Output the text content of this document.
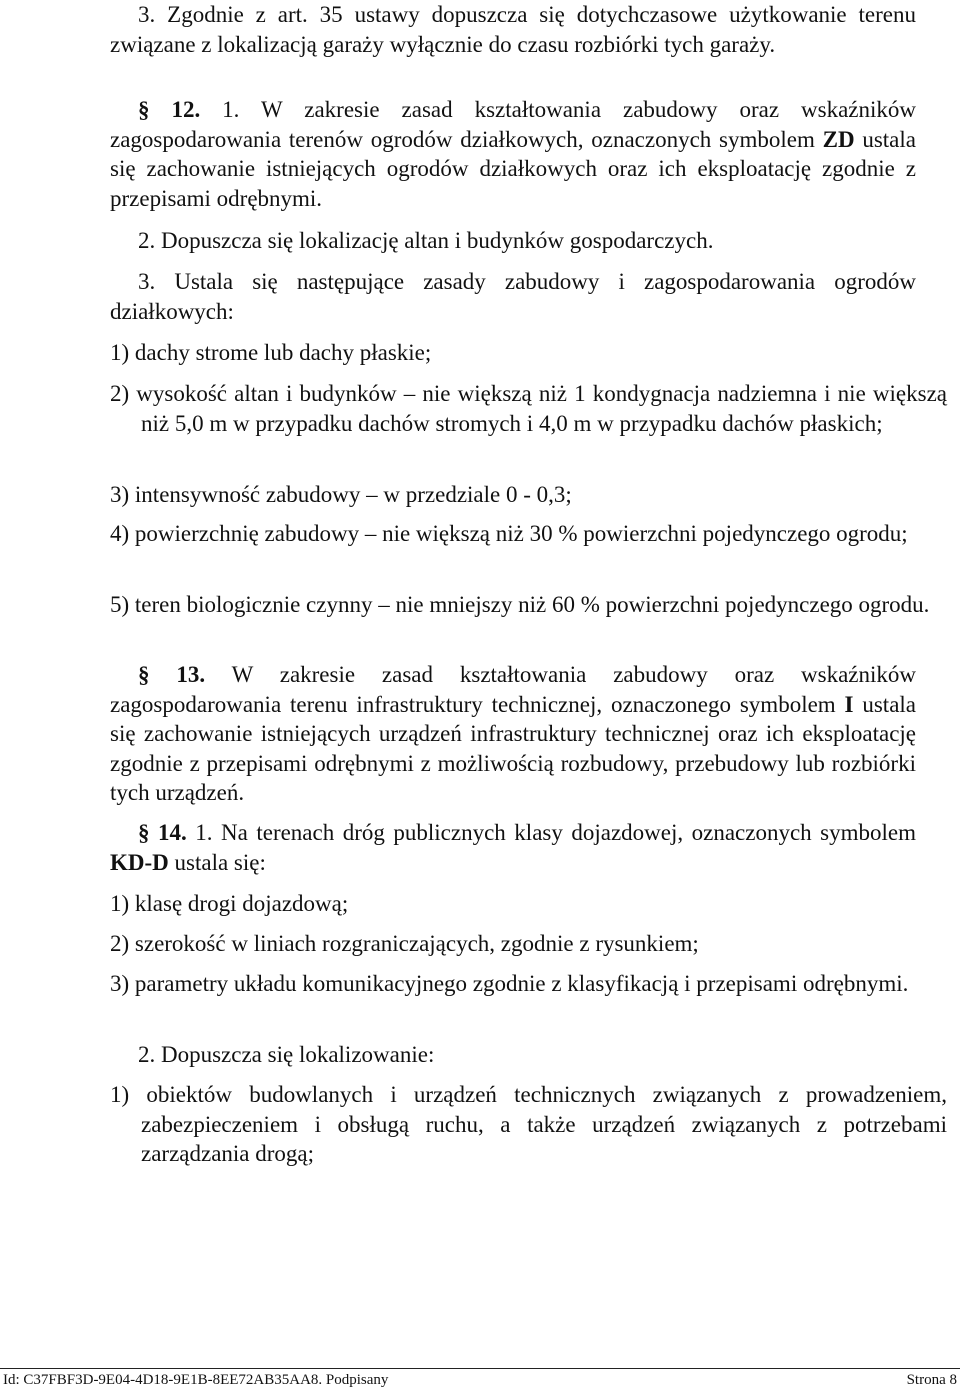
3. Zgodnie z art. 35 ustawy dopuszcza się dotychczasowe użytkowanie terenu związane z lokalizacją garaży wyłącznie do czasu rozbiórki tych garaży.

§ 12. 1. W zakresie zasad kształtowania zabudowy oraz wskaźników zagospodarowania terenów ogrodów działkowych, oznaczonych symbolem ZD ustala się zachowanie istniejących ogrodów działkowych oraz ich eksploatację zgodnie z przepisami odrębnymi.

2. Dopuszcza się lokalizację altan i budynków gospodarczych.

3. Ustala się następujące zasady zabudowy i zagospodarowania ogrodów działkowych:

1) dachy strome lub dachy płaskie;

2) wysokość altan i budynków – nie większą niż 1 kondygnacja nadziemna i nie większą niż 5,0 m w przypadku dachów stromych i 4,0 m w przypadku dachów płaskich;

3) intensywność zabudowy – w przedziale 0 - 0,3;

4) powierzchnię zabudowy – nie większą niż 30 % powierzchni pojedynczego ogrodu;

5) teren biologicznie czynny – nie mniejszy niż 60 % powierzchni pojedynczego ogrodu.

§ 13. W zakresie zasad kształtowania zabudowy oraz wskaźników zagospodarowania terenu infrastruktury technicznej, oznaczonego symbolem I ustala się zachowanie istniejących urządzeń infrastruktury technicznej oraz ich eksploatację zgodnie z przepisami odrębnymi z możliwością rozbudowy, przebudowy lub rozbiórki tych urządzeń.

§ 14. 1. Na terenach dróg publicznych klasy dojazdowej, oznaczonych symbolem KD-D ustala się:

1) klasę drogi dojazdową;

2) szerokość w liniach rozgraniczających, zgodnie z rysunkiem;

3) parametry układu komunikacyjnego zgodnie z klasyfikacją i przepisami odrębnymi.

2. Dopuszcza się lokalizowanie:

1) obiektów budowlanych i urządzeń technicznych związanych z prowadzeniem, zabezpieczeniem i obsługą ruchu, a także urządzeń związanych z potrzebami zarządzania drogą;

Id: C37FBF3D-9E04-4D18-9E1B-8EE72AB35AA8. Podpisany	Strona 8
